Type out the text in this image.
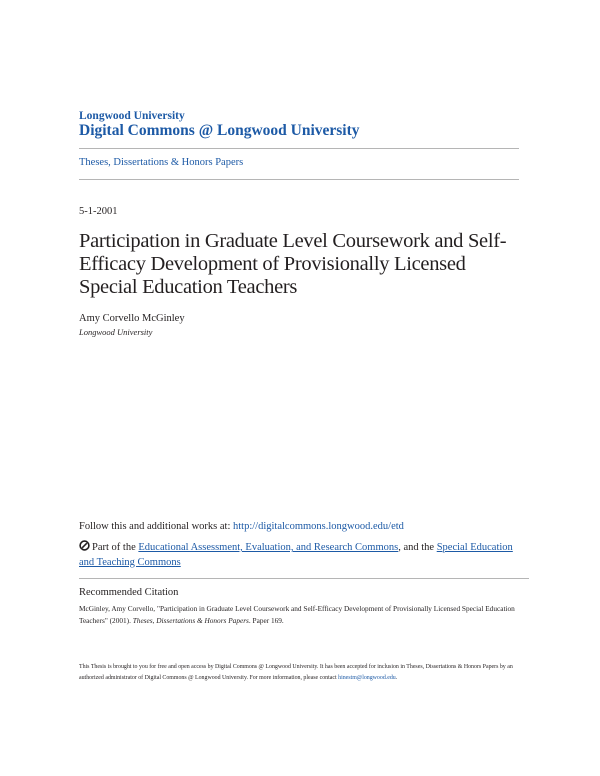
Longwood University
Digital Commons @ Longwood University
Theses, Dissertations & Honors Papers
5-1-2001
Participation in Graduate Level Coursework and Self-Efficacy Development of Provisionally Licensed Special Education Teachers
Amy Corvello McGinley
Longwood University
Follow this and additional works at: http://digitalcommons.longwood.edu/etd
Part of the Educational Assessment, Evaluation, and Research Commons, and the Special Education and Teaching Commons
Recommended Citation
McGinley, Amy Corvello, "Participation in Graduate Level Coursework and Self-Efficacy Development of Provisionally Licensed Special Education Teachers" (2001). Theses, Dissertations & Honors Papers. Paper 169.
This Thesis is brought to you for free and open access by Digital Commons @ Longwood University. It has been accepted for inclusion in Theses, Dissertations & Honors Papers by an authorized administrator of Digital Commons @ Longwood University. For more information, please contact hinestm@longwood.edu.
